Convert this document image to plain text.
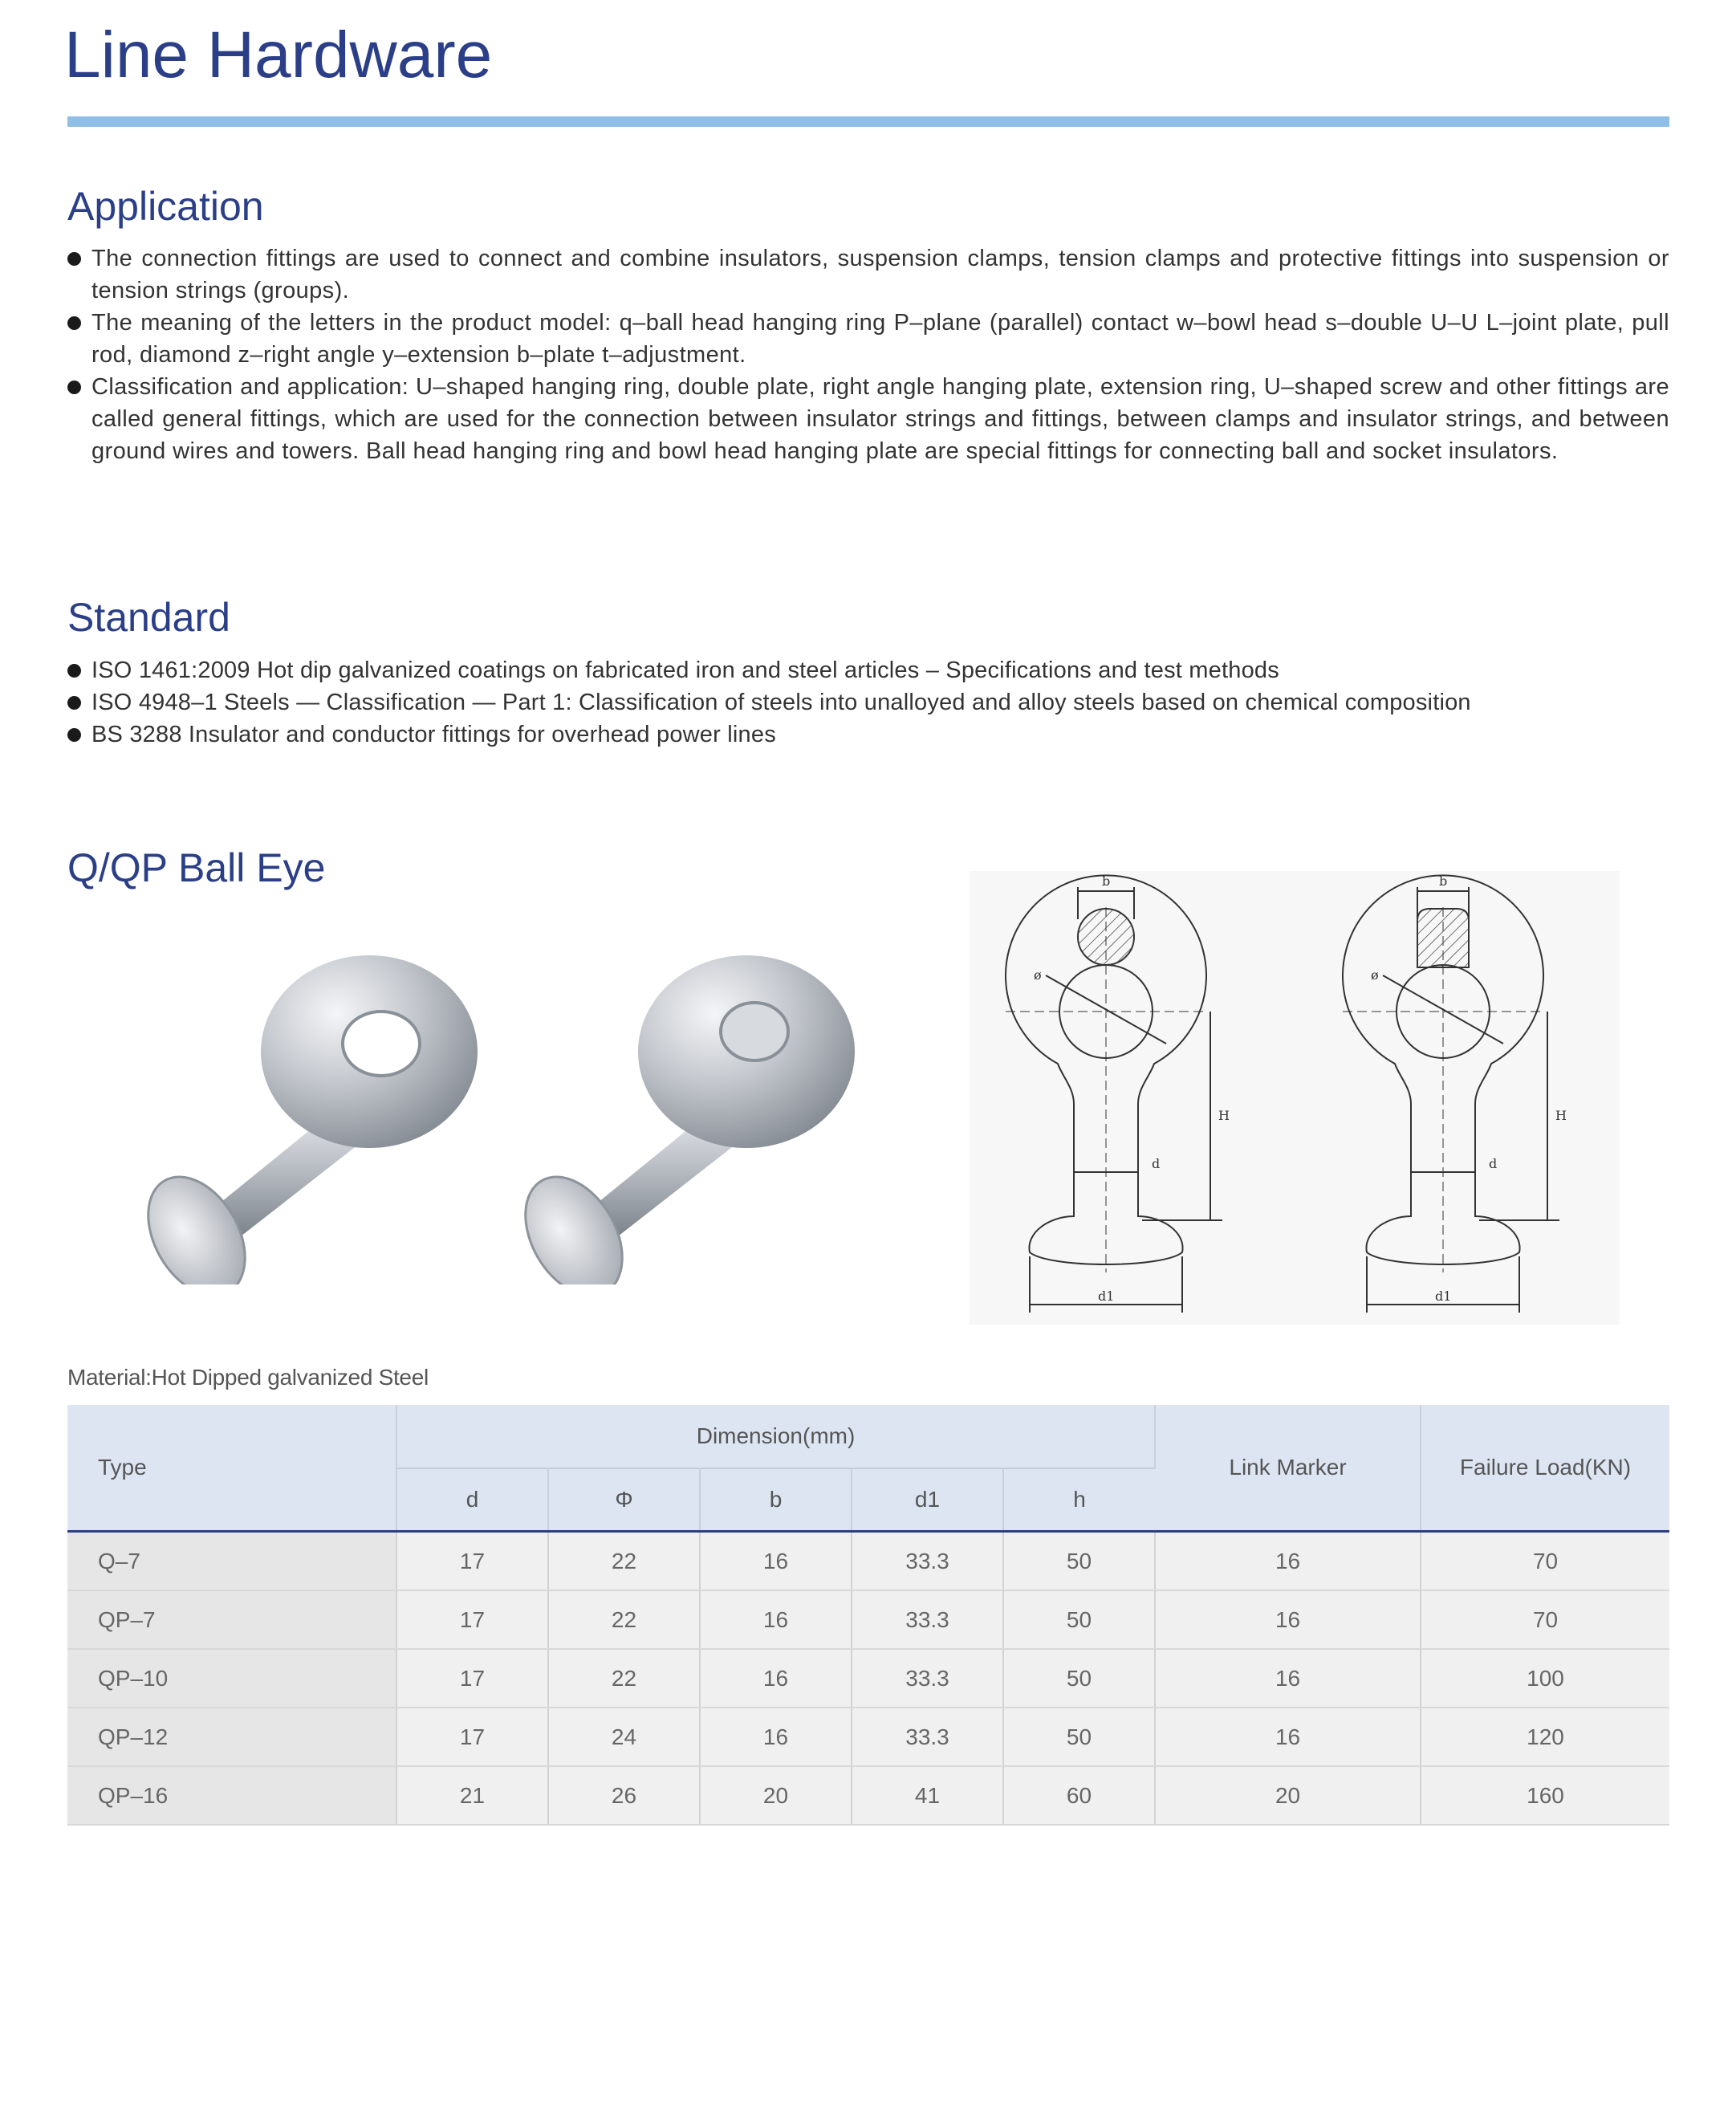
Line Hardware
Application
The connection fittings are used to connect and combine insulators, suspension clamps, tension clamps and protective fittings into suspension or tension strings (groups).
The meaning of the letters in the product model: q–ball head hanging ring P–plane (parallel) contact w–bowl head s–double U–U L–joint plate, pull rod, diamond z–right angle y–extension b–plate t–adjustment.
Classification and application: U–shaped hanging ring, double plate, right angle hanging plate, extension ring, U–shaped screw and other fittings are called general fittings, which are used for the connection between insulator strings and fittings, between clamps and insulator strings, and between ground wires and towers. Ball head hanging ring and bowl head hanging plate are special fittings for connecting ball and socket insulators.
Standard
ISO 1461:2009 Hot dip galvanized coatings on fabricated iron and steel articles – Specifications and test methods
ISO 4948–1 Steels — Classification — Part 1: Classification of steels into unalloyed and alloy steels based on chemical composition
BS 3288 Insulator and conductor fittings for overhead power lines
Q/QP Ball Eye	b
ø
d
d1
H
b
ø
d
d1
H
Material:Hot Dipped galvanized Steel
Type	Dimension(mm)					Link Marker	Failure Load(KN)
	d	Φ	b	d1	h		
Q–7	17	22	16	33.3	50	16	70
QP–7	17	22	16	33.3	50	16	70
QP–10	17	22	16	33.3	50	16	100
QP–12	17	24	16	33.3	50	16	120
QP–16	21	26	20	41	60	20	160
